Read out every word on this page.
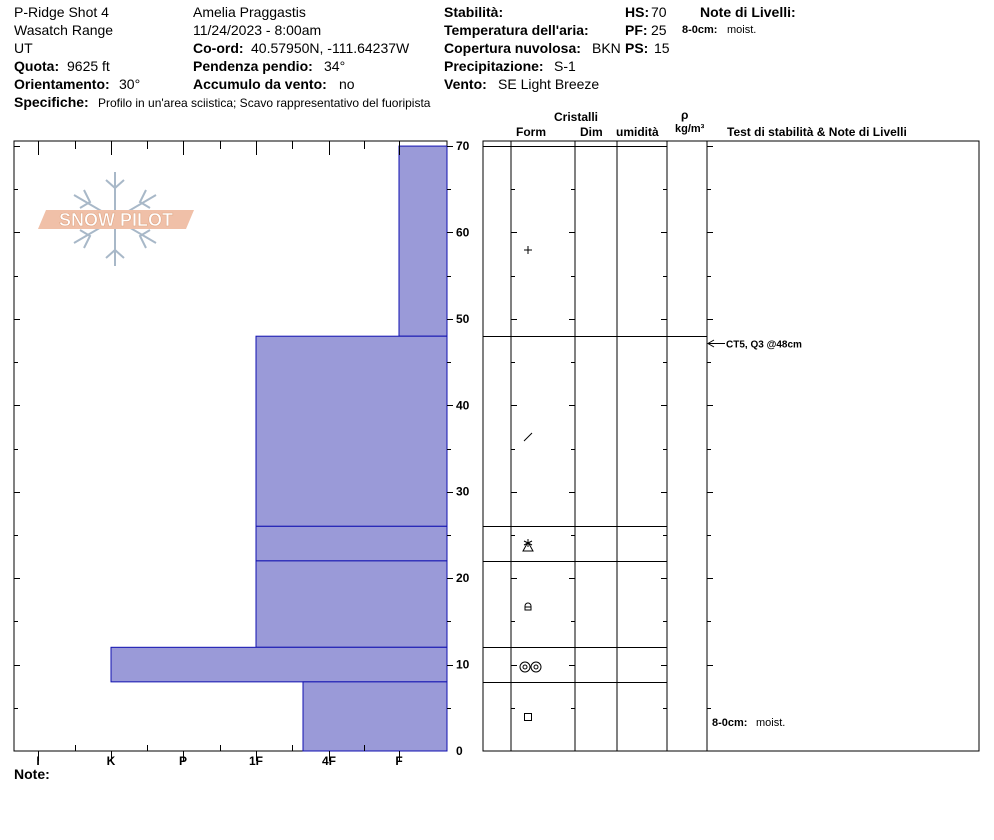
P-Ridge Shot 4
Wasatch Range
UT
Quota: 9625 ft
Orientamento: 30°
Specifiche: Profilo in un'area sciistica; Scavo rappresentativo del fuoripista
Amelia Praggastis
11/24/2023 - 8:00am
Co-ord: 40.57950N, -111.64237W
Pendenza pendio: 34°
Accumulo da vento: no
Stabilità:
Temperatura dell'aria:
Copertura nuvolosa: BKN
Precipitazione: S-1
Vento: SE Light Breeze
HS: 70
PF: 25
PS: 15
Note di Livelli:
8-0cm: moist.
Cristalli
Form	Dim umidità
ρ
kg/m³ Test di stabilità & Note di Livelli
SNOW PILOT
I	K	P	1F	4F	F
0
10
20
30
40
50
60
70
CT5, Q3 @48cm
8-0cm: moist.
Note:
